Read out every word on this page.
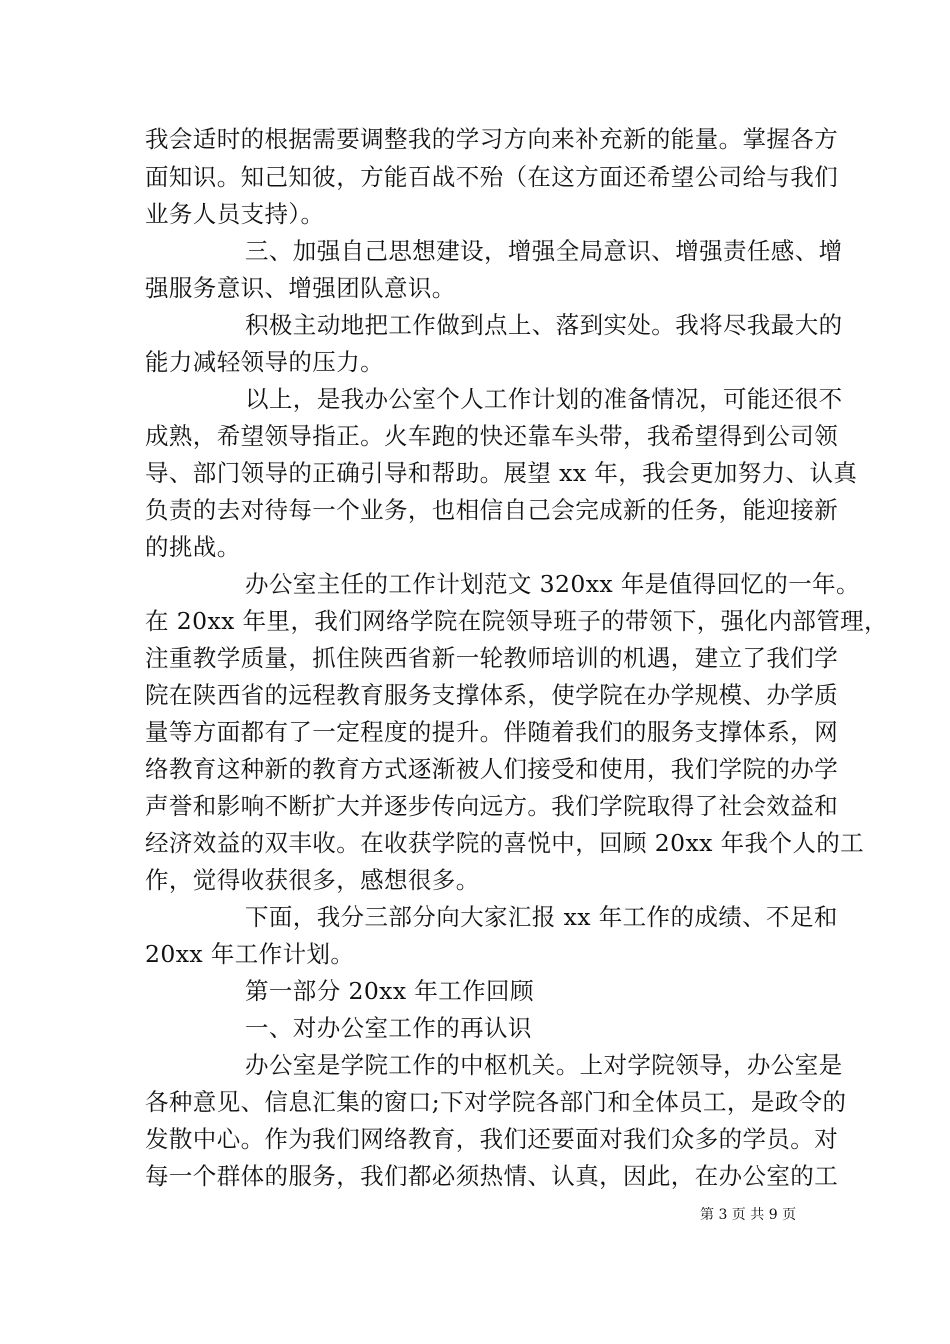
我会适时的根据需要调整我的学习方向来补充新的能量。掌握各方
面知识。知己知彼，方能百战不殆（在这方面还希望公司给与我们
业务人员支持）。
三、加强自己思想建设，增强全局意识、增强责任感、增
强服务意识、增强团队意识。
积极主动地把工作做到点上、落到实处。我将尽我最大的
能力减轻领导的压力。
以上，是我办公室个人工作计划的准备情况，可能还很不
成熟，希望领导指正。火车跑的快还靠车头带，我希望得到公司领
导、部门领导的正确引导和帮助。展望 xx 年，我会更加努力、认真
负责的去对待每一个业务，也相信自己会完成新的任务，能迎接新
的挑战。
办公室主任的工作计划范文 320xx 年是值得回忆的一年。
在 20xx 年里，我们网络学院在院领导班子的带领下，强化内部管理，
注重教学质量，抓住陕西省新一轮教师培训的机遇，建立了我们学
院在陕西省的远程教育服务支撑体系，使学院在办学规模、办学质
量等方面都有了一定程度的提升。伴随着我们的服务支撑体系，网
络教育这种新的教育方式逐渐被人们接受和使用，我们学院的办学
声誉和影响不断扩大并逐步传向远方。我们学院取得了社会效益和
经济效益的双丰收。在收获学院的喜悦中，回顾 20xx 年我个人的工
作，觉得收获很多，感想很多。
下面，我分三部分向大家汇报 xx 年工作的成绩、不足和
20xx 年工作计划。
第一部分 20xx 年工作回顾
一、对办公室工作的再认识
办公室是学院工作的中枢机关。上对学院领导，办公室是
各种意见、信息汇集的窗口;下对学院各部门和全体员工，是政令的
发散中心。作为我们网络教育，我们还要面对我们众多的学员。对
每一个群体的服务，我们都必须热情、认真，因此，在办公室的工
第 3 页 共 9 页
